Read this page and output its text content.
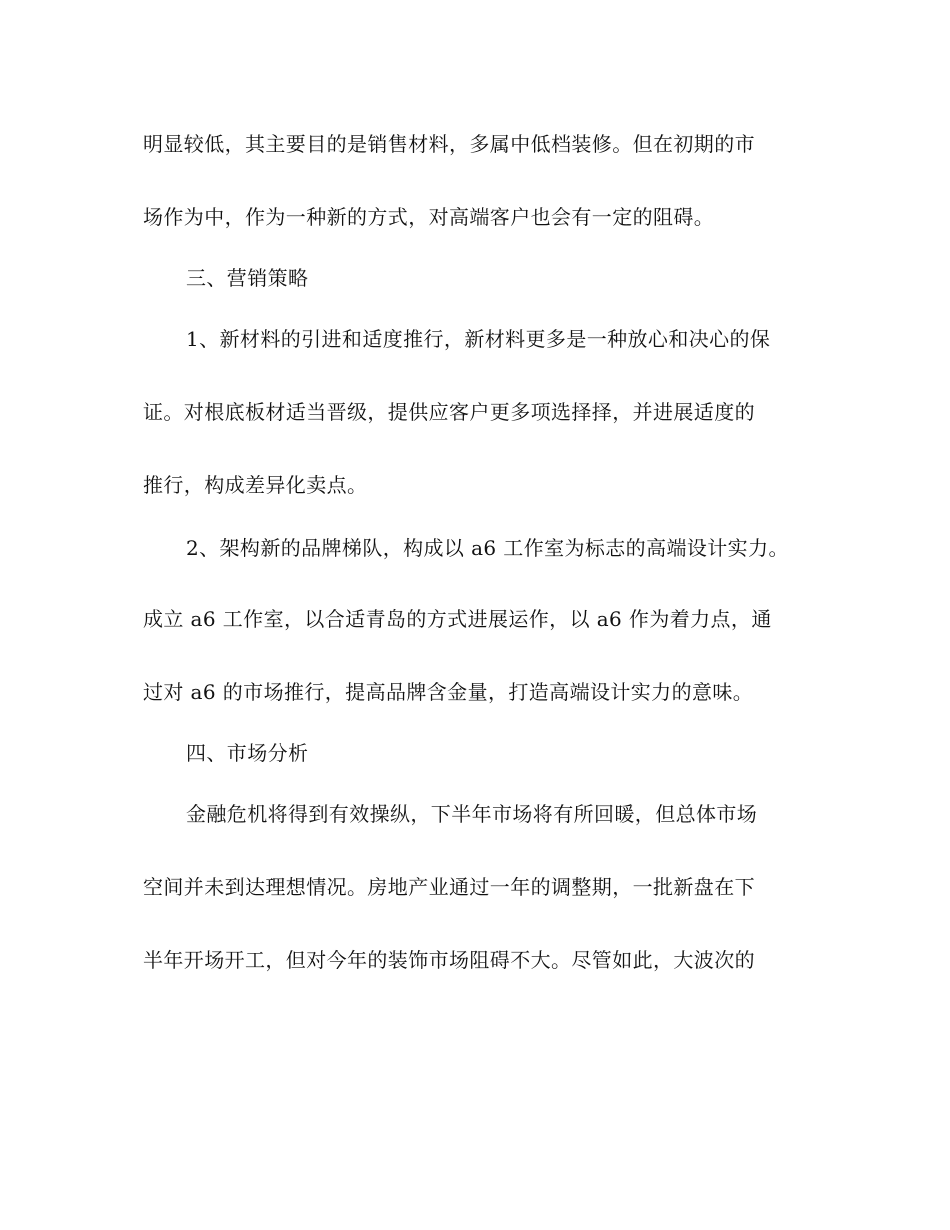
明显较低，其主要目的是销售材料，多属中低档装修。但在初期的市
场作为中，作为一种新的方式，对高端客户也会有一定的阻碍。
三、营销策略
1、新材料的引进和适度推行，新材料更多是一种放心和决心的保
证。对根底板材适当晋级，提供应客户更多项选择择，并进展适度的
推行，构成差异化卖点。
2、架构新的品牌梯队，构成以 a6 工作室为标志的高端设计实力。
成立 a6 工作室，以合适青岛的方式进展运作，以 a6 作为着力点，通
过对 a6 的市场推行，提高品牌含金量，打造高端设计实力的意味。
四、市场分析
金融危机将得到有效操纵，下半年市场将有所回暖，但总体市场
空间并未到达理想情况。房地产业通过一年的调整期，一批新盘在下
半年开场开工，但对今年的装饰市场阻碍不大。尽管如此，大波次的
